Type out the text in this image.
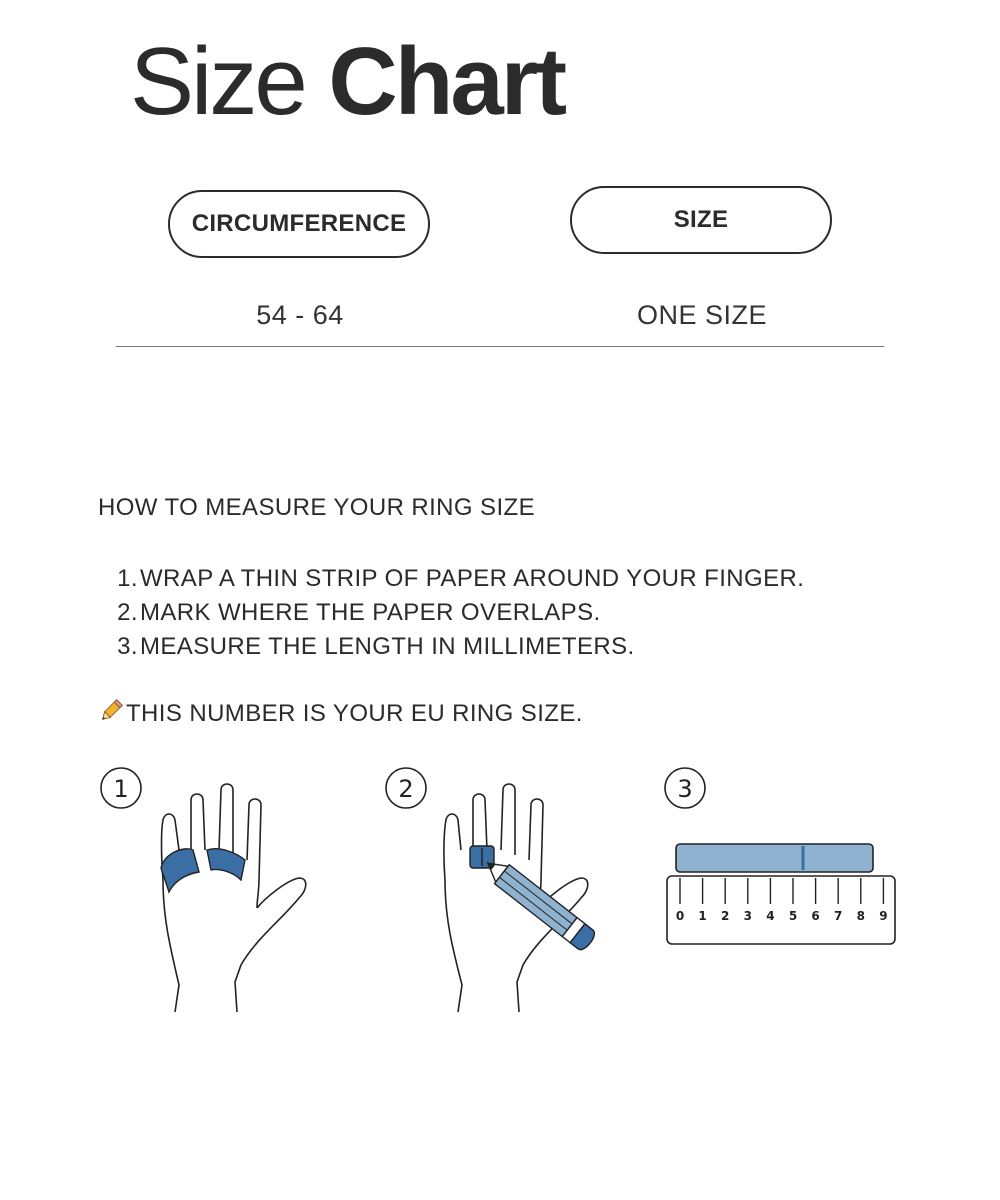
Size Chart
CIRCUMFERENCE	SIZE
54 - 64	ONE SIZE
HOW TO MEASURE YOUR RING SIZE
1. WRAP A THIN STRIP OF PAPER AROUND YOUR FINGER.
2. MARK WHERE THE PAPER OVERLAPS.
3. MEASURE THE LENGTH IN MILLIMETERS.
THIS NUMBER IS YOUR EU RING SIZE.
1	2	3
0 1 2 3 4 5 6 7 8 9
